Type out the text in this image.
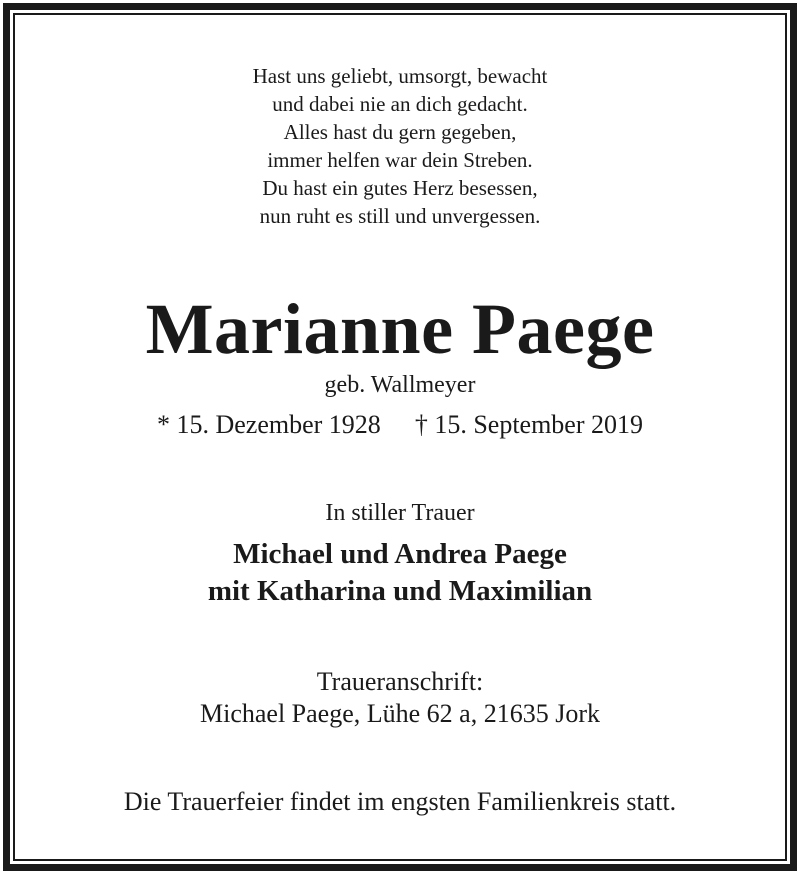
Hast uns geliebt, umsorgt, bewacht
und dabei nie an dich gedacht.
Alles hast du gern gegeben,
immer helfen war dein Streben.
Du hast ein gutes Herz besessen,
nun ruht es still und unvergessen.
Marianne Paege
geb. Wallmeyer
* 15. Dezember 1928 † 15. September 2019
In stiller Trauer
Michael und Andrea Paege
mit Katharina und Maximilian
Traueranschrift:
Michael Paege, Lühe 62 a, 21635 Jork
Die Trauerfeier findet im engsten Familienkreis statt.
